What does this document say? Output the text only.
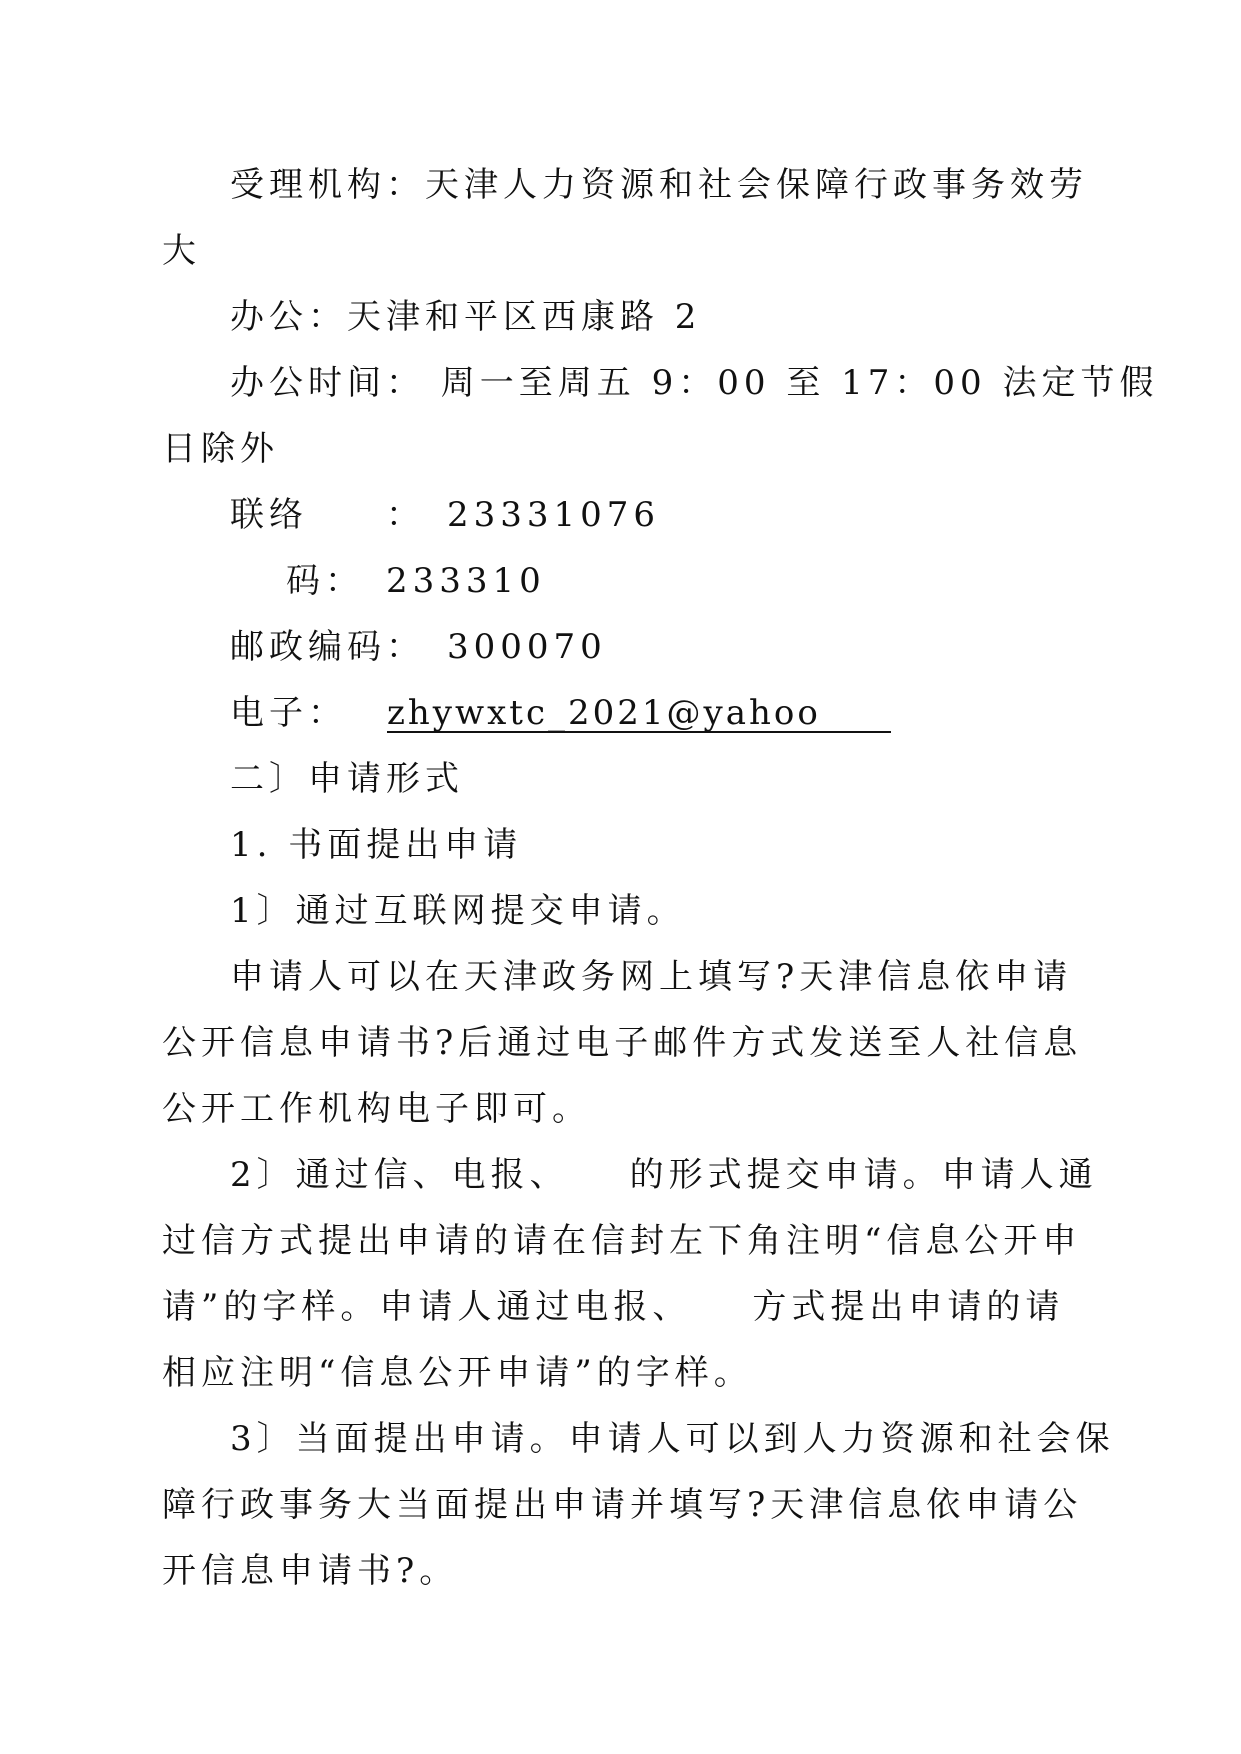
受理机构：天津人力资源和社会保障行政事务效劳

大

办公：天津和平区西康路 2

办公时间： 周一至周五 9：00 至 17：00 法定节假

日除外

联络　　：　23331076

码：　233310

邮政编码：　300070

电子： zhywxtc_2021@yahoo

二〕申请形式

1. 书面提出申请

1〕通过互联网提交申请。

申请人可以在天津政务网上填写?天津信息依申请

公开信息申请书?后通过电子邮件方式发送至人社信息

公开工作机构电子即可。

2〕通过信、电报、　　的形式提交申请。申请人通

过信方式提出申请的请在信封左下角注明“信息公开申

请”的字样。申请人通过电报、　　方式提出申请的请

相应注明“信息公开申请”的字样。

3〕当面提出申请。申请人可以到人力资源和社会保

障行政事务大当面提出申请并填写?天津信息依申请公

开信息申请书?。
